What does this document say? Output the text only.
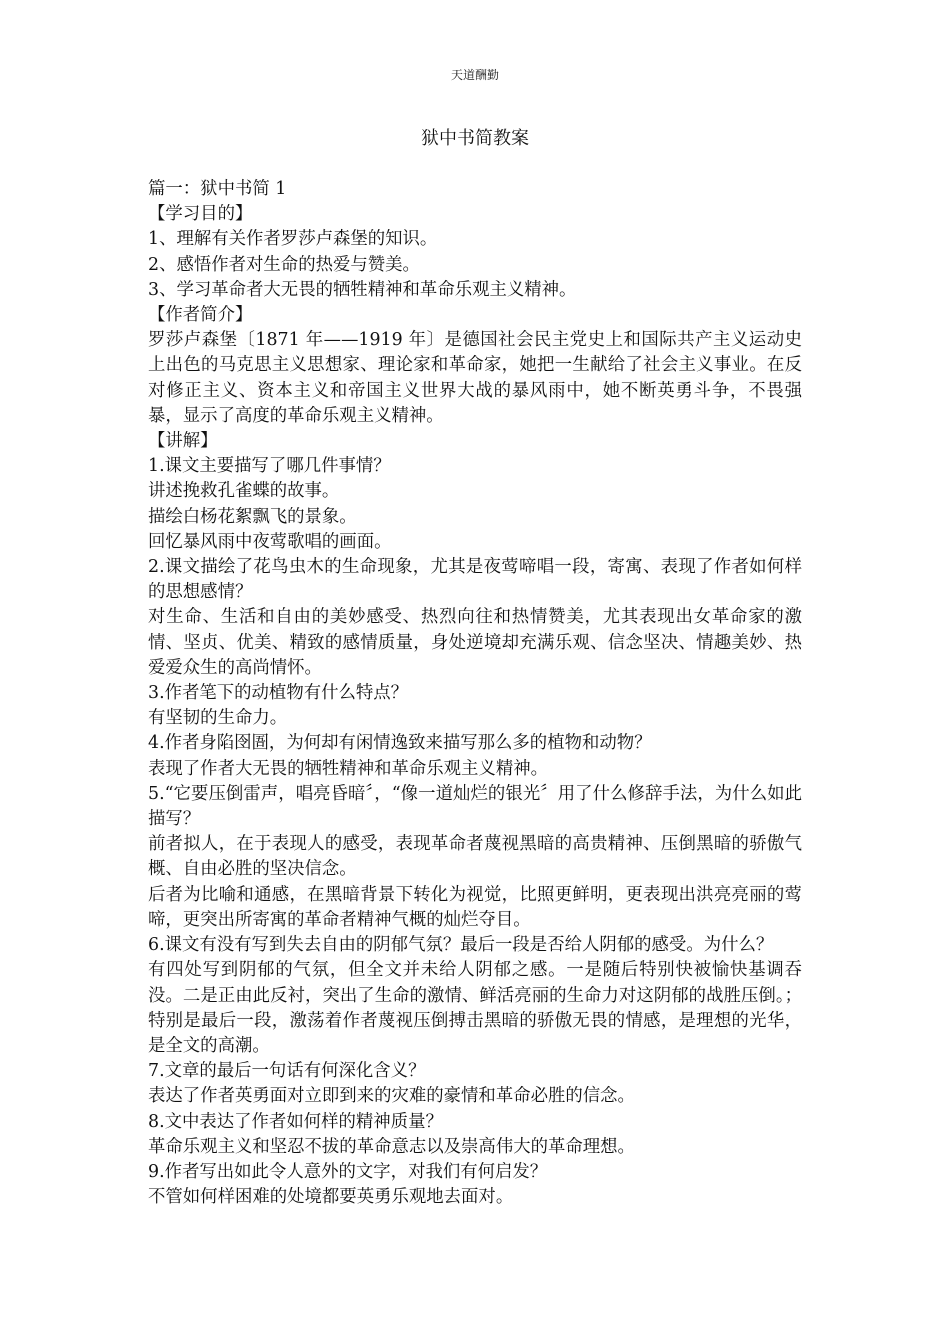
天道酬勤
狱中书简教案

篇一：狱中书简 1

【学习目的】

1、理解有关作者罗莎卢森堡的知识。

2、感悟作者对生命的热爱与赞美。

3、学习革命者大无畏的牺牲精神和革命乐观主义精神。

【作者简介】

罗莎卢森堡〔1871 年——1919 年〕是德国社会民主党史上和国际共产主义运动史上出色的马克思主义思想家、理论家和革命家，她把一生献给了社会主义事业。在反对修正主义、资本主义和帝国主义世界大战的暴风雨中，她不断英勇斗争，不畏强暴，显示了高度的革命乐观主义精神。

【讲解】

1.课文主要描写了哪几件事情？

讲述挽救孔雀蝶的故事。

描绘白杨花絮飘飞的景象。

回忆暴风雨中夜莺歌唱的画面。

2.课文描绘了花鸟虫木的生命现象，尤其是夜莺啼唱一段，寄寓、表现了作者如何样的思想感情？

对生命、生活和自由的美妙感受、热烈向往和热情赞美，尤其表现出女革命家的激情、坚贞、优美、精致的感情质量，身处逆境却充满乐观、信念坚决、情趣美妙、热爱爱众生的高尚情怀。

3.作者笔下的动植物有什么特点？

有坚韧的生命力。

4.作者身陷囹圄，为何却有闲情逸致来描写那么多的植物和动物？

表现了作者大无畏的牺牲精神和革命乐观主义精神。

5.“它要压倒雷声，唱亮昏暗〞，“像一道灿烂的银光〞用了什么修辞手法，为什么如此描写？

前者拟人，在于表现人的感受，表现革命者蔑视黑暗的高贵精神、压倒黑暗的骄傲气概、自由必胜的坚决信念。

后者为比喻和通感，在黑暗背景下转化为视觉，比照更鲜明，更表现出洪亮亮丽的莺啼，更突出所寄寓的革命者精神气概的灿烂夺目。

6.课文有没有写到失去自由的阴郁气氛？最后一段是否给人阴郁的感受。为什么？

有四处写到阴郁的气氛，但全文并未给人阴郁之感。一是随后特别快被愉快基调吞没。二是正由此反衬，突出了生命的激情、鲜活亮丽的生命力对这阴郁的战胜压倒。；特别是最后一段，激荡着作者蔑视压倒搏击黑暗的骄傲无畏的情感，是理想的光华，是全文的高潮。

7.文章的最后一句话有何深化含义？

表达了作者英勇面对立即到来的灾难的豪情和革命必胜的信念。

8.文中表达了作者如何样的精神质量？

革命乐观主义和坚忍不拔的革命意志以及崇高伟大的革命理想。

9.作者写出如此令人意外的文字，对我们有何启发？

不管如何样困难的处境都要英勇乐观地去面对。
